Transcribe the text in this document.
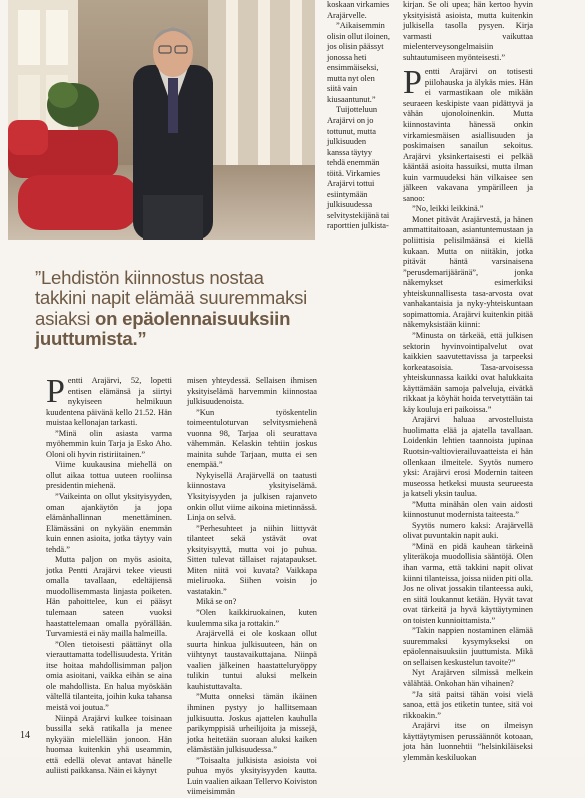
koskaan virkamies Arajärvelle.

”Aikaisemmin olisin ollut iloinen, jos olisin päässyt jonossa heti ensimmäiseksi, mutta nyt olen siitä vain kiusaantunut.”

Tuijotteluun Arajärvi on jo tottunut, mutta julkisuuden kanssa täytyy tehdä enemmän töitä. Virkamies Arajärvi tottui esiintymään julkisuudessa selvitystekijänä tai raporttien julkista-

”Lehdistön kiinnostus nostaa takkini napit elämää suuremmaksi asiaksi on epäolennaisuuksiin juuttumista.”

Pentti Arajärvi, 52, lopetti entisen elämänsä ja siirtyi nykyiseen helmikuun kuudentena päivänä kello 21.52. Hän muistaa kellonajan tarkasti.

”Minä olin asiasta varma myöhemmin kuin Tarja ja Esko Aho. Oloni oli hyvin ristiriitainen.”

Viime kuukausina miehellä on ollut aikaa tottua uuteen rooliinsa presidentin miehenä.

”Vaikeinta on ollut yksityisyyden, oman ajankäytön ja jopa elämänhallinnan menettäminen. Elämässäni on nykyään enemmän kuin ennen asioita, jotka täytyy vain tehdä.”

Mutta paljon on myös asioita, jotka Pentti Arajärvi tekee vieusti omalla tavallaan, edeltäjiensä muodollisemmasta linjasta poiketen. Hän pahoittelee, kun ei pääsyt tulemaan sateen vuoksi haastattelemaan omalla pyörällään. Turvamiestä ei näy mailla halmeilla.

”Olen tietoisesti päättänyt olla vierauttamatta todellisuudesta. Yritän itse hoitaa mahdollisimman paljon omia asioitani, vaikka eihän se aina ole mahdollista. En halua myöskään vältellä tilanteita, joihin kuka tahansa meistä voi joutua.”

Niinpä Arajärvi kulkee toisinaan bussilla sekä ratikalla ja menee nykyään mielellään jonoon. Hän huomaa kuitenkin yhä useammin, että edellä olevat antavat hänelle auliisti paikkansa. Näin ei käynyt

misen yhteydessä. Sellaisen ihmisen yksityiselämä harvemmin kiinnostaa julkisuudenoista.

”Kun työskentelin toimeentuloturvan selvitysmiehenä vuonna 98, Tarjaa oli seurattava vähemmän. Kelaskin tehtiin joskus mainita suhde Tarjaan, mutta ei sen enempää.”

Nykyisellä Arajärvellä on taatusti kiinnostava yksityiselämä. Yksityisyyden ja julkisen rajanveto onkin ollut viime aikoina mietinnässä. Linja on selvä.

”Perhesuhteet ja niihin liittyvät tilanteet sekä ystävät ovat yksityisyyttä, mutta voi jo puhua. Sitten tulevat tällaiset rajatapaukset. Miten niitä voi kuvata? Vaikkapa mieliruoka. Siihen voisin jo vastatakin.”

Mikä se on?

”Olen kaikkiruokainen, kuten kuulemma sika ja rottakin.”

Arajärvellä ei ole koskaan ollut suurta hinkua julkisuuteen, hän on viihtynyt taustavaikuttajana. Niinpä vaalien jälkeinen haastatteluryöppy tulikin tuntui aluksi melkein kauhistuttavalta.

”Mutta onneksi tämän ikäinen ihminen pystyy jo hallitsemaan julkisuutta. Joskus ajattelen kauhulla parikymppisiä urheilijoita ja missejä, jotka heitetään suoraan aluksi kaiken elämästään julkisuudessa.”

”Toisaalta julkisista asioista voi puhua myös yksityisyyden kautta. Luin vaalien aikaan Tellervo Koiviston viimeisimmän

kirjan. Se oli upea; hän kertoo hyvin yksityisistä asioista, mutta kuitenkin julkisella tasolla pysyen. Kirja varmasti vaikuttaa mielenterveysongelmaisiin suhtautumiseen myönteisesti.”

Pentti Arajärvi on totisesti piilohauska ja älykäs mies. Hän ei varmastikaan ole mikään seuraeen keskipiste vaan pidättyvä ja vähän ujonoloinenkin. Mutta kiinnostavinta hänessä onkin virkamiesmäisen asiallisuuden ja poskimaisen sanailun sekoitus. Arajärvi yksinkertaisesti ei pelkää kääntää asioita hassuiksi, mutta ilman kuin varmuudeksi hän vilkaisee sen jälkeen vakavana ympärilleen ja sanoo:

”No, leikki leikkinä.”

Monet pitävät Arajärvestä, ja hänen ammattitaitoaan, asiantuntemustaan ja poliittisia pelisilmäänsä ei kiellä kukaan. Mutta on niitäkin, jotka pitävät häntä varsinaisena ”perusdemarijääränä”, jonka näkemykset esimerkiksi yhteiskunnallisesta tasa-arvosta ovat vanhakantaisia ja nyky-yhteiskuntaan sopimattomia. Arajärvi kuitenkin pitää näkemyksistään kiinni:

”Minusta on tärkeää, että julkisen sektorin hyvinvointipalvelut ovat kaikkien saavutettavissa ja tarpeeksi korkeatasoisia. Tasa-arvoisessa yhteiskunnassa kaikki ovat halukkaita käyttämään samoja palveluja, eivätkä rikkaat ja köyhät hoida tervetyttään tai käy kouluja eri paikoissa.”

Arajärvi haluaa arvostelluista huolimatta elää ja ajatella tavallaan. Loidenkin lehtien taannoista jupinaa Ruotsin-valtiovierailuvaatteista ei hän ollenkaan ilmeitele. Syytös numero yksi: Arajärvi erosi Modernin taiteen museossa hetkeksi muusta seurueesta ja katseli yksin taulua.

”Mutta minähän olen vain aidosti kiinnostunut modernista taiteesta.”

Syytös numero kaksi: Arajärvellä olivat puvuntakin napit auki.

”Minä en pidä kauhean tärkeinä yliteräkoja muodollisia sääntöjä. Olen ihan varma, että takkini napit olivat kiinni tilanteissa, joissa niiden piti olla. Jos ne olivat jossakin tilanteessa auki, en siitä loukannut ketään. Hyvät tavat ovat tärkeitä ja hyvä käyttäytyminen on toisten kunnioittamista.”

”Takin nappien nostaminen elämää suuremmaksi kysymykseksi on epäolennaisuuksiin juuttumista. Mikä on sellaisen keskustelun tavoite?”

Nyt Arajärven silmissä melkein välähtää. Onkohan hän vihainen?

”Ja sitä paitsi tähän voisi vielä sanoa, että jos etiketin tuntee, sitä voi rikkoakin.”

Arajärvi itse on ilmeisyn käyttäytymisen perussäännöt kotoaan, jota hän luonnehtii ”helsinkiläiseksi ylemmän keskiluokan

14
